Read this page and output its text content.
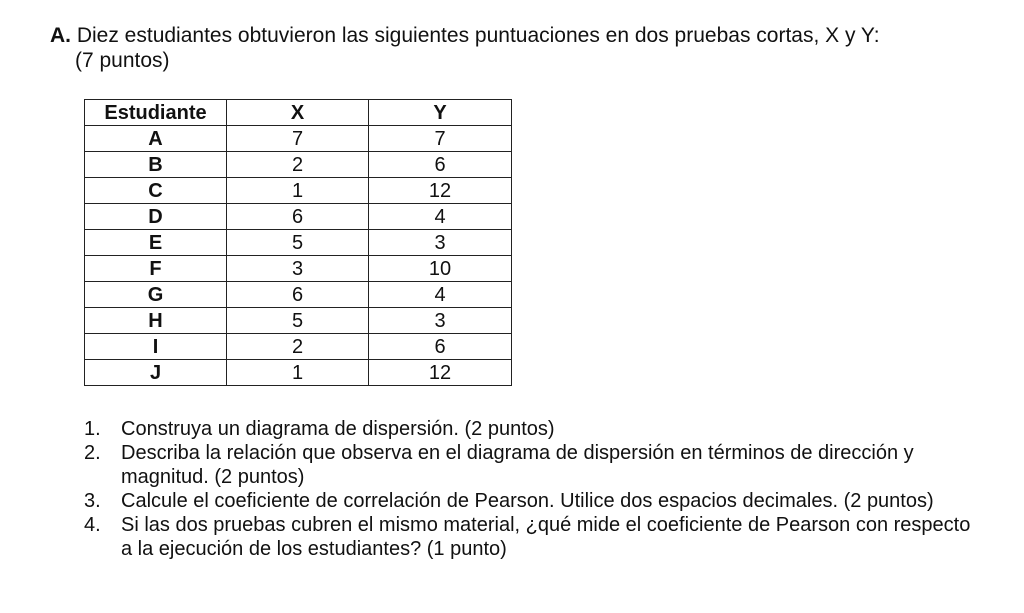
A. Diez estudiantes obtuvieron las siguientes puntuaciones en dos pruebas cortas, X y Y:
(7 puntos)
Estudiante	X	Y
A	7	7
B	2	6
C	1	12
D	6	4
E	5	3
F	3	10
G	6	4
H	5	3
I	2	6
J	1	12
1. Construya un diagrama de dispersión. (2 puntos)
2. Describa la relación que observa en el diagrama de dispersión en términos de dirección y magnitud. (2 puntos)
3. Calcule el coeficiente de correlación de Pearson. Utilice dos espacios decimales. (2 puntos)
4. Si las dos pruebas cubren el mismo material, ¿qué mide el coeficiente de Pearson con respecto a la ejecución de los estudiantes? (1 punto)
